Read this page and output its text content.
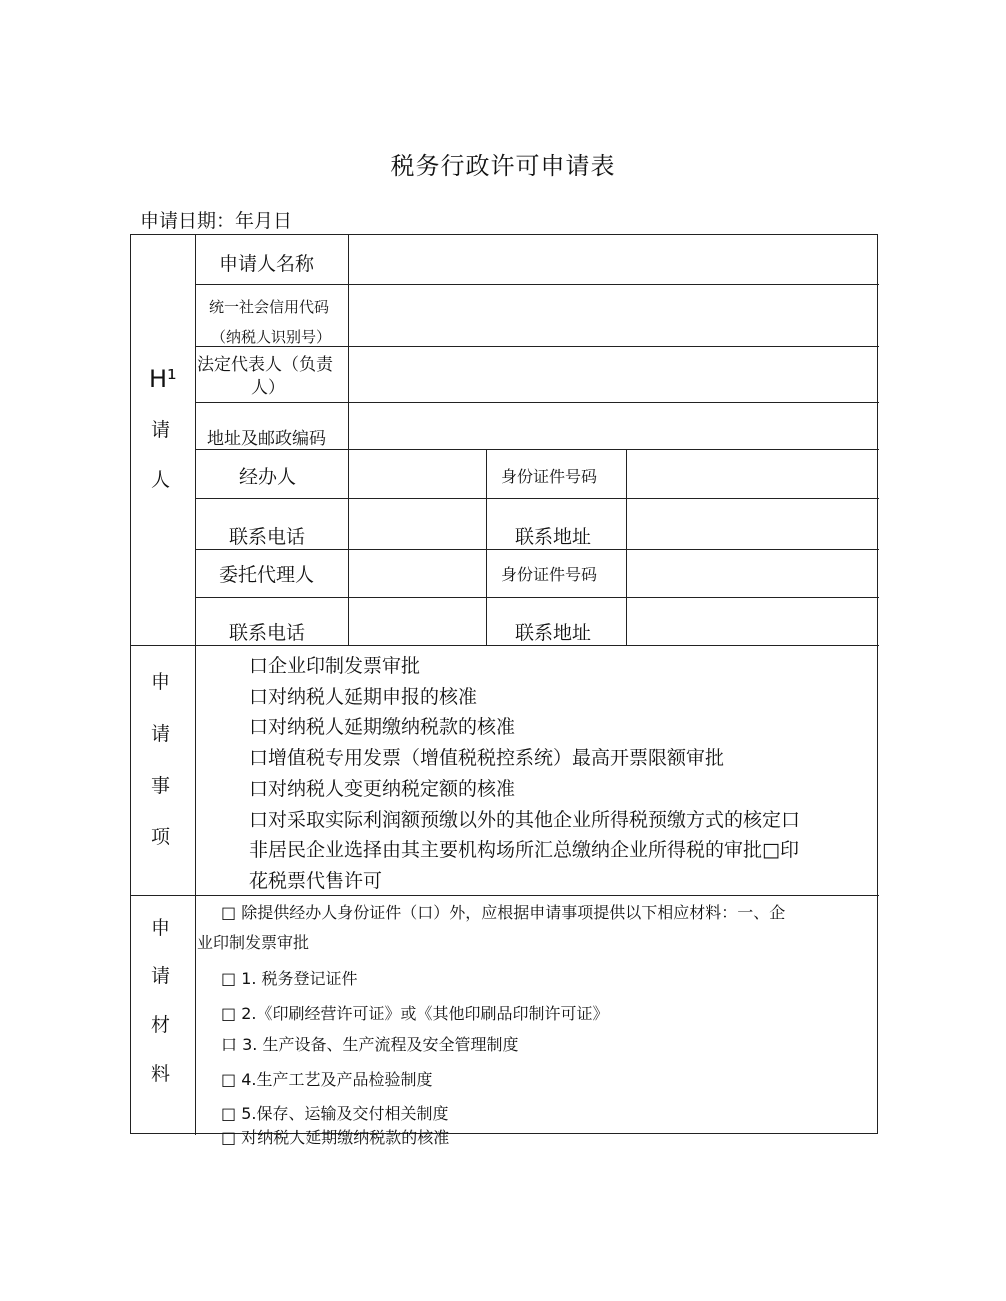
税务行政许可申请表
申请日期：年月日
H¹
请
人
申请人名称
统一社会信用代码
（纳税人识别号）
法定代表人（负责
人）
地址及邮政编码
经办人	身份证件号码
联系电话	联系地址
委托代理人	身份证件号码
联系电话	联系地址
申
请
事
项
口企业印制发票审批
口对纳税人延期申报的核准
口对纳税人延期缴纳税款的核准
口增值税专用发票（增值税税控系统）最高开票限额审批
口对纳税人变更纳税定额的核准
口对采取实际利润额预缴以外的其他企业所得税预缴方式的核定口
非居民企业选择由其主要机构场所汇总缴纳企业所得税的审批□印
花税票代售许可
申
请
材
料
□ 除提供经办人身份证件（口）外，应根据申请事项提供以下相应材料：一、企
业印制发票审批
□ 1. 税务登记证件
□ 2.《印刷经营许可证》或《其他印刷品印制许可证》
口 3. 生产设备、生产流程及安全管理制度
□ 4.生产工艺及产品检验制度
□ 5.保存、运输及交付相关制度
□ 对纳税人延期缴纳税款的核准
